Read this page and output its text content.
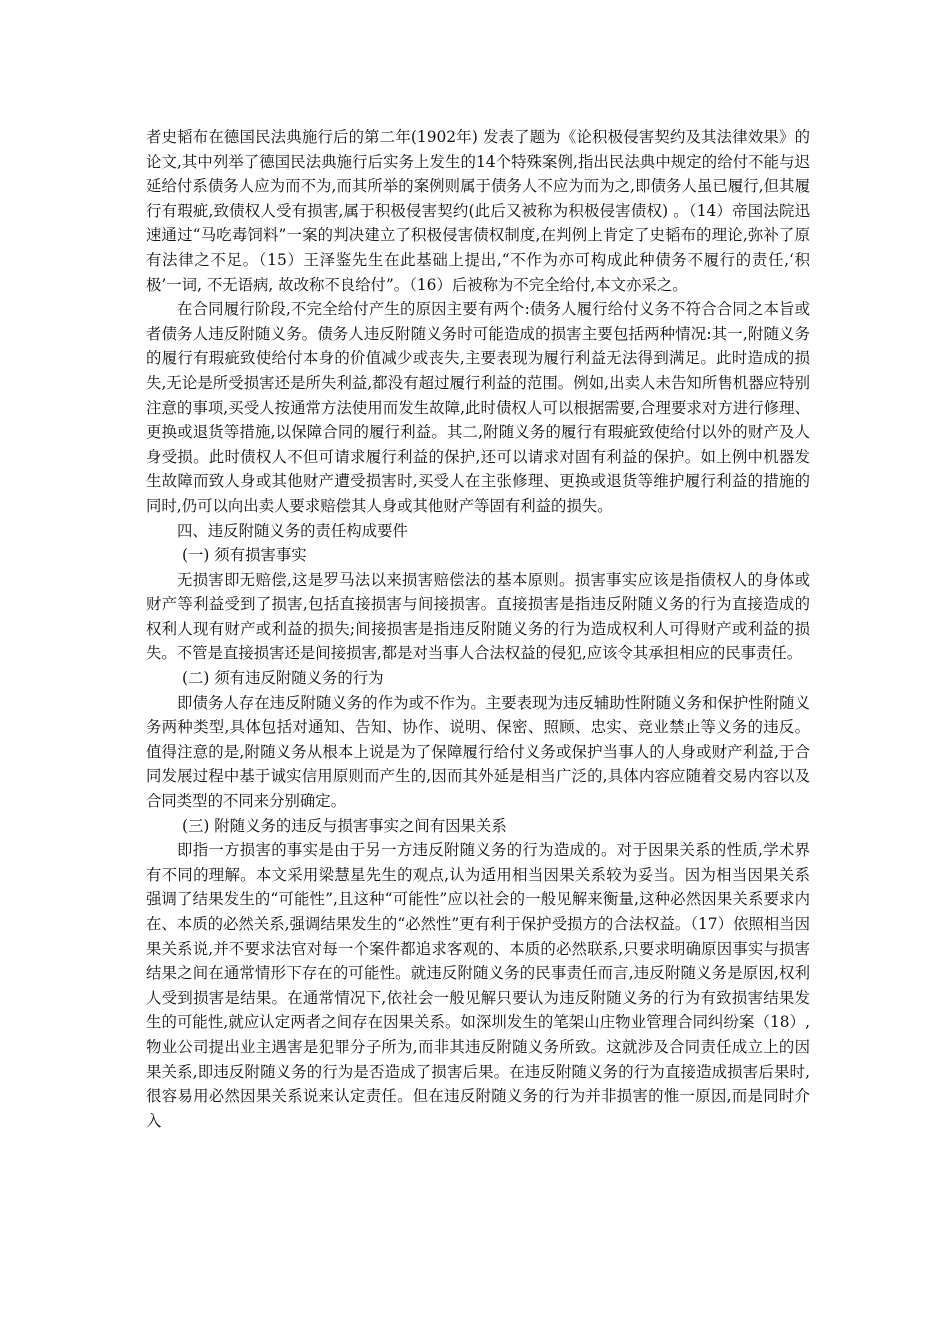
者史韬布在德国民法典施行后的第二年(1902年) 发表了题为《论积极侵害契约及其法律效果》的论文,其中列举了德国民法典施行后实务上发生的14个特殊案例,指出民法典中规定的给付不能与迟延给付系债务人应为而不为,而其所举的案例则属于债务人不应为而为之,即债务人虽已履行,但其履行有瑕疵,致债权人受有损害,属于积极侵害契约(此后又被称为积极侵害债权) 。（14）帝国法院迅速通过“马吃毒饲料”一案的判决建立了积极侵害债权制度,在判例上肯定了史韬布的理论,弥补了原有法律之不足。（15）王泽鉴先生在此基础上提出,“不作为亦可构成此种债务不履行的责任,‘积极’一词, 不无语病, 故改称不良给付”。（16）后被称为不完全给付,本文亦采之。

在合同履行阶段,不完全给付产生的原因主要有两个:债务人履行给付义务不符合合同之本旨或者债务人违反附随义务。债务人违反附随义务时可能造成的损害主要包括两种情况:其一,附随义务的履行有瑕疵致使给付本身的价值减少或丧失,主要表现为履行利益无法得到满足。此时造成的损失,无论是所受损害还是所失利益,都没有超过履行利益的范围。例如,出卖人未告知所售机器应特别注意的事项,买受人按通常方法使用而发生故障,此时债权人可以根据需要,合理要求对方进行修理、更换或退货等措施,以保障合同的履行利益。其二,附随义务的履行有瑕疵致使给付以外的财产及人身受损。此时债权人不但可请求履行利益的保护,还可以请求对固有利益的保护。如上例中机器发生故障而致人身或其他财产遭受损害时,买受人在主张修理、更换或退货等维护履行利益的措施的同时,仍可以向出卖人要求赔偿其人身或其他财产等固有利益的损失。

四、违反附随义务的责任构成要件

(一) 须有损害事实

无损害即无赔偿,这是罗马法以来损害赔偿法的基本原则。损害事实应该是指债权人的身体或财产等利益受到了损害,包括直接损害与间接损害。直接损害是指违反附随义务的行为直接造成的权利人现有财产或利益的损失;间接损害是指违反附随义务的行为造成权利人可得财产或利益的损失。不管是直接损害还是间接损害,都是对当事人合法权益的侵犯,应该令其承担相应的民事责任。

(二) 须有违反附随义务的行为

即债务人存在违反附随义务的作为或不作为。主要表现为违反辅助性附随义务和保护性附随义务两种类型,具体包括对通知、告知、协作、说明、保密、照顾、忠实、竞业禁止等义务的违反。值得注意的是,附随义务从根本上说是为了保障履行给付义务或保护当事人的人身或财产利益,于合同发展过程中基于诚实信用原则而产生的,因而其外延是相当广泛的,具体内容应随着交易内容以及合同类型的不同来分别确定。

(三) 附随义务的违反与损害事实之间有因果关系

即指一方损害的事实是由于另一方违反附随义务的行为造成的。对于因果关系的性质,学术界有不同的理解。本文采用梁慧星先生的观点,认为适用相当因果关系较为妥当。因为相当因果关系强调了结果发生的“可能性”,且这种“可能性”应以社会的一般见解来衡量,这种必然因果关系要求内在、本质的必然关系,强调结果发生的“必然性”更有利于保护受损方的合法权益。（17）依照相当因果关系说,并不要求法官对每一个案件都追求客观的、本质的必然联系,只要求明确原因事实与损害结果之间在通常情形下存在的可能性。就违反附随义务的民事责任而言,违反附随义务是原因,权利人受到损害是结果。在通常情况下,依社会一般见解只要认为违反附随义务的行为有致损害结果发生的可能性,就应认定两者之间存在因果关系。如深圳发生的笔架山庄物业管理合同纠纷案（18）,物业公司提出业主遇害是犯罪分子所为,而非其违反附随义务所致。这就涉及合同责任成立上的因果关系,即违反附随义务的行为是否造成了损害后果。在违反附随义务的行为直接造成损害后果时,很容易用必然因果关系说来认定责任。但在违反附随义务的行为并非损害的惟一原因,而是同时介入
